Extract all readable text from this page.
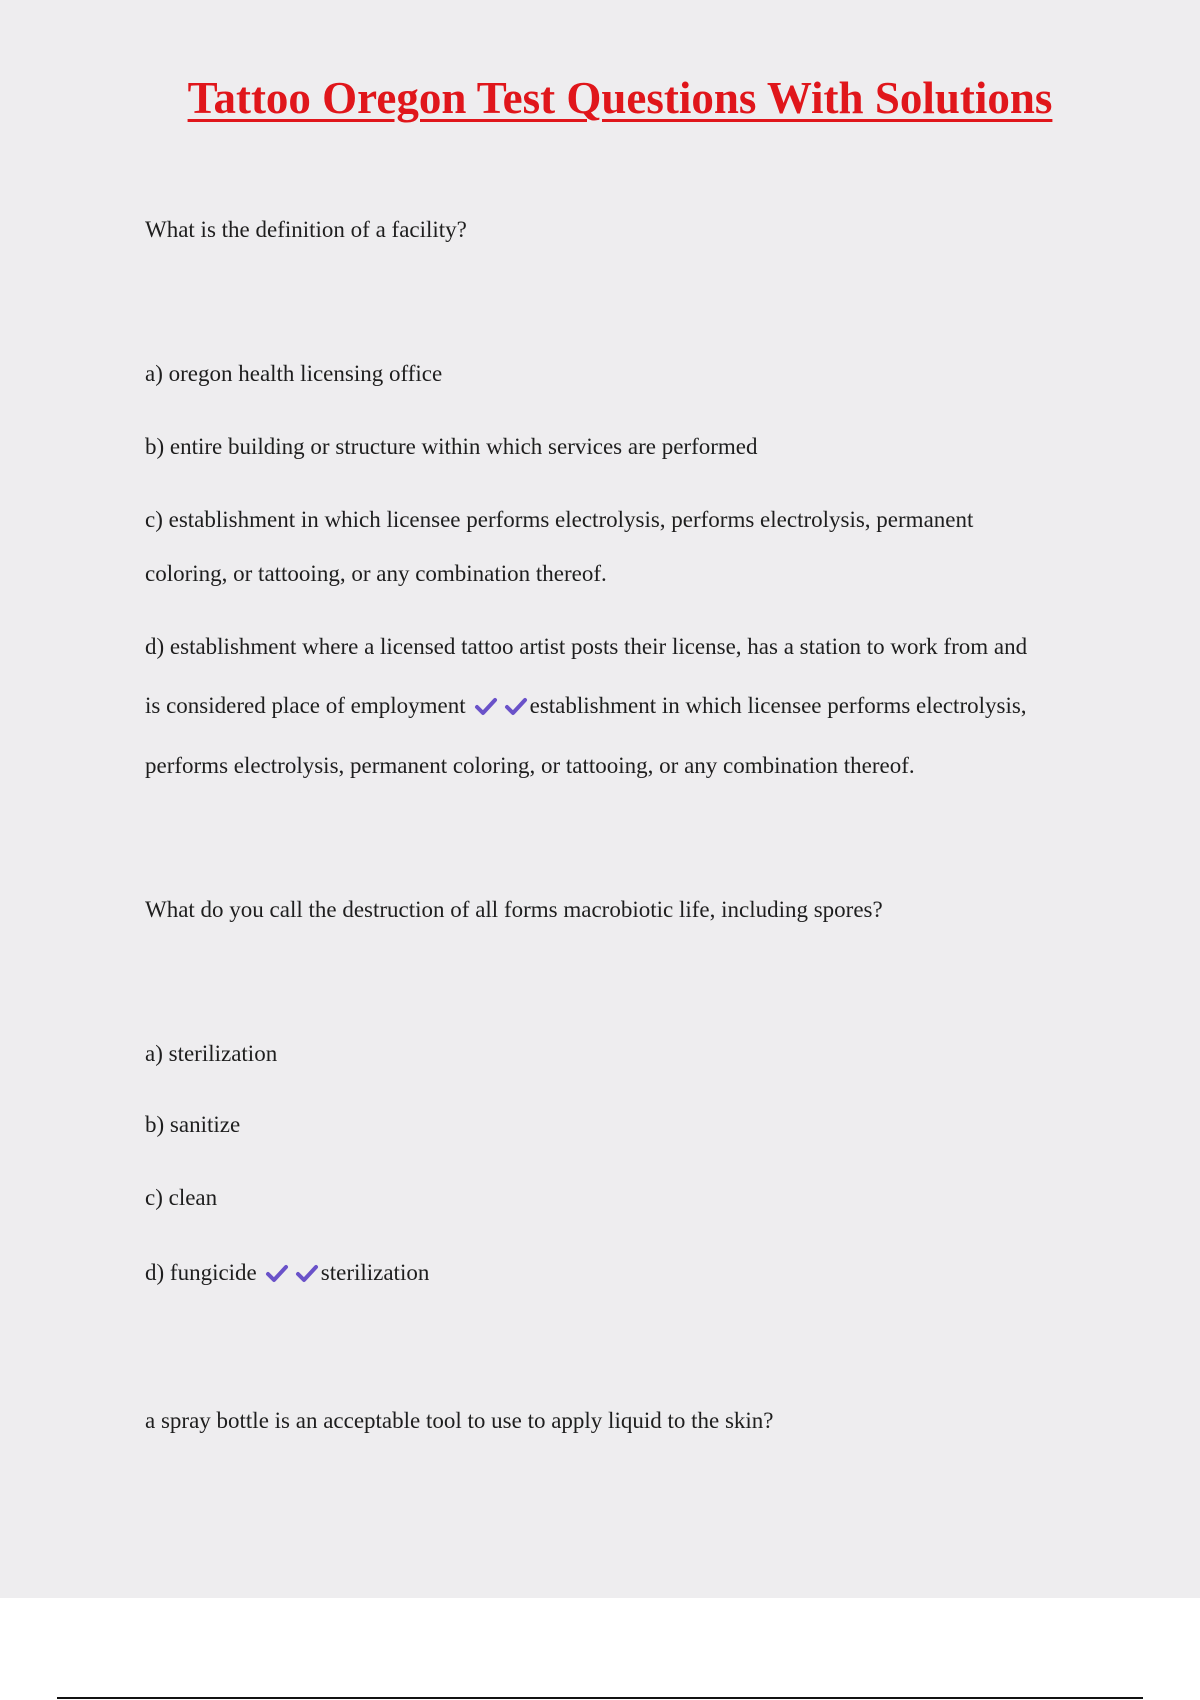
Tattoo Oregon Test Questions With Solutions

What is the definition of a facility?

a) oregon health licensing office

b) entire building or structure within which services are performed

c) establishment in which licensee performs electrolysis, performs electrolysis, permanent

coloring, or tattooing, or any combination thereof.

d) establishment where a licensed tattoo artist posts their license, has a station to work from and

is considered place of employment	establishment in which licensee performs electrolysis,

performs electrolysis, permanent coloring, or tattooing, or any combination thereof.

What do you call the destruction of all forms macrobiotic life, including spores?

a) sterilization

b) sanitize

c) clean

d) fungicide	sterilization

a spray bottle is an acceptable tool to use to apply liquid to the skin?
